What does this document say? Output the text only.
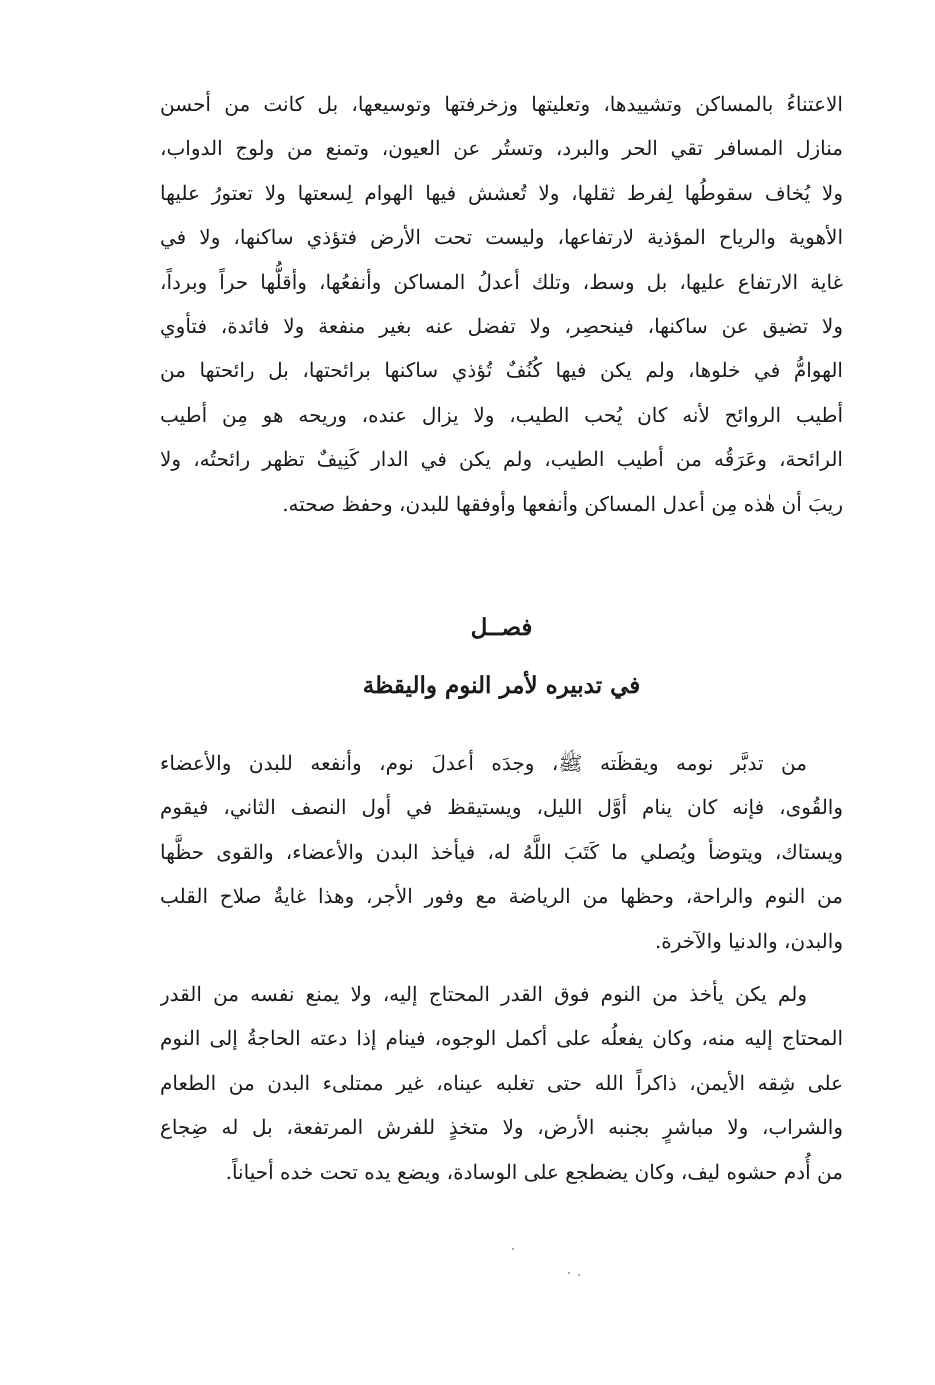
الاعتناءُ بالمساكن وتشييدها، وتعليتها وزخرفتها وتوسيعها، بل كانت من أحسن
منازل المسافر تقي الحر والبرد، وتستُر عن العيون، وتمنع من ولوج الدواب،
ولا يُخاف سقوطُها لِفرط ثقلها، ولا تُعشش فيها الهوام لِسعتها ولا تعتورُ عليها
الأهوية والرياح المؤذية لارتفاعها، وليست تحت الأرض فتؤذي ساكنها، ولا في
غاية الارتفاع عليها، بل وسط، وتلك أعدلُ المساكن وأنفعُها، وأقلُّها حراً وبرداً،
ولا تضيق عن ساكنها، فينحصِر، ولا تفضل عنه بغير منفعة ولا فائدة، فتأوي
الهوامُّ في خلوها، ولم يكن فيها كُنُفٌ تُؤذي ساكنها برائحتها، بل رائحتها من
أطيب الروائح لأنه كان يُحب الطيب، ولا يزال عنده، وريحه هو مِن أطيب
الرائحة، وعَرَقُه من أطيب الطيب، ولم يكن في الدار كَنِيفٌ تظهر رائحتُه، ولا
ريبَ أن هٰذه مِن أعدل المساكن وأنفعها وأوفقها للبدن، وحفظ صحته.
فصــل
في تدبيره لأمر النوم واليقظة
من تدبَّر نومه ويقظَته ﷺ، وجدَه أعدلَ نوم، وأنفعه للبدن والأعضاء
والقُوى، فإنه كان ينام أوَّل الليل، ويستيقظ في أول النصف الثاني، فيقوم
ويستاك، ويتوضأ ويُصلي ما كَتَبَ اللَّهُ له، فيأخذ البدن والأعضاء، والقوى حظَّها
من النوم والراحة، وحظها من الرياضة مع وفور الأجر، وهذا غايةُ صلاح القلب
والبدن، والدنيا والآخرة.
ولم يكن يأخذ من النوم فوق القدر المحتاج إليه، ولا يمنع نفسه من القدر
المحتاج إليه منه، وكان يفعلُه على أكمل الوجوه، فينام إذا دعته الحاجةُ إلى النوم
على شِقه الأيمن، ذاكراً الله حتى تغلبه عيناه، غير ممتلىء البدن من الطعام
والشراب، ولا مباشرٍ بجنبه الأرض، ولا متخذٍ للفرش المرتفعة، بل له ضِجاع
من أُدم حشوه ليف، وكان يضطجع على الوسادة، ويضع يده تحت خده أحياناً.
